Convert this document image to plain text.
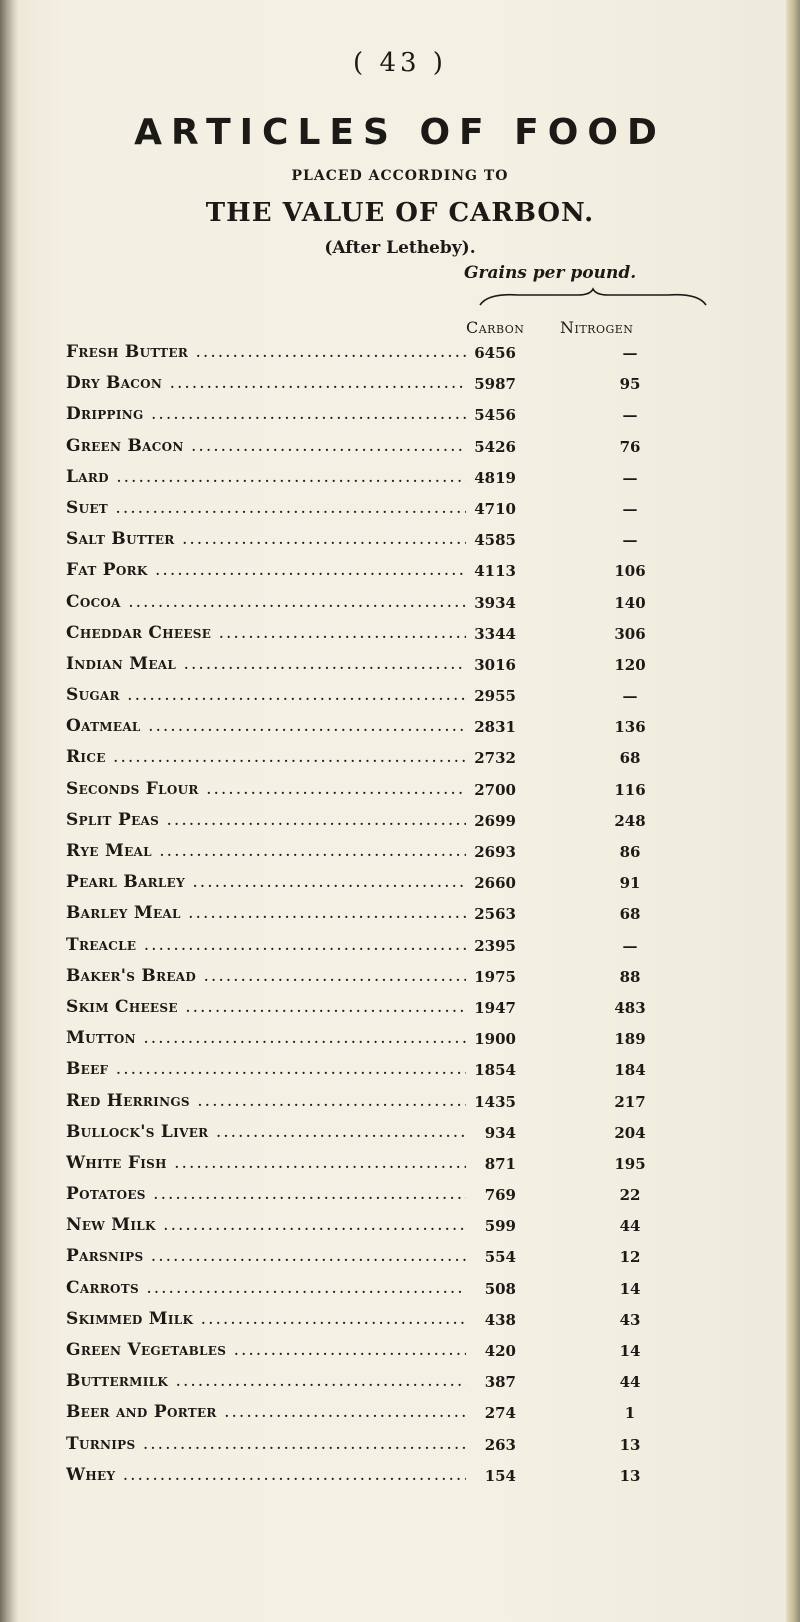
( 43 )
ARTICLES OF FOOD
PLACED ACCORDING TO
THE VALUE OF CARBON.
(After Letheby).
Grains per pound.
Carbon Nitrogen
Fresh Butter .....	6456	—
Dry Bacon .....	5987	95
Dripping .....	5456	—
Green Bacon .....	5426	76
Lard .....	4819	—
Suet .....	4710	—
Salt Butter .....	4585	—
Fat Pork .....	4113	106
Cocoa .....	3934	140
Cheddar Cheese .....	3344	306
Indian Meal .....	3016	120
Sugar .....	2955	—
Oatmeal .....	2831	136
Rice .....	2732	68
Seconds Flour .....	2700	116
Split Peas .....	2699	248
Rye Meal .....	2693	86
Pearl Barley .....	2660	91
Barley Meal .....	2563	68
Treacle .....	2395	—
Baker's Bread .....	1975	88
Skim Cheese .....	1947	483
Mutton .....	1900	189
Beef .....	1854	184
Red Herrings .....	1435	217
Bullock's Liver .....	934	204
White Fish .....	871	195
Potatoes .....	769	22
New Milk .....	599	44
Parsnips .....	554	12
Carrots .....	508	14
Skimmed Milk .....	438	43
Green Vegetables .....	420	14
Buttermilk .....	387	44
Beer and Porter .....	274	1
Turnips .....	263	13
Whey .....	154	13
